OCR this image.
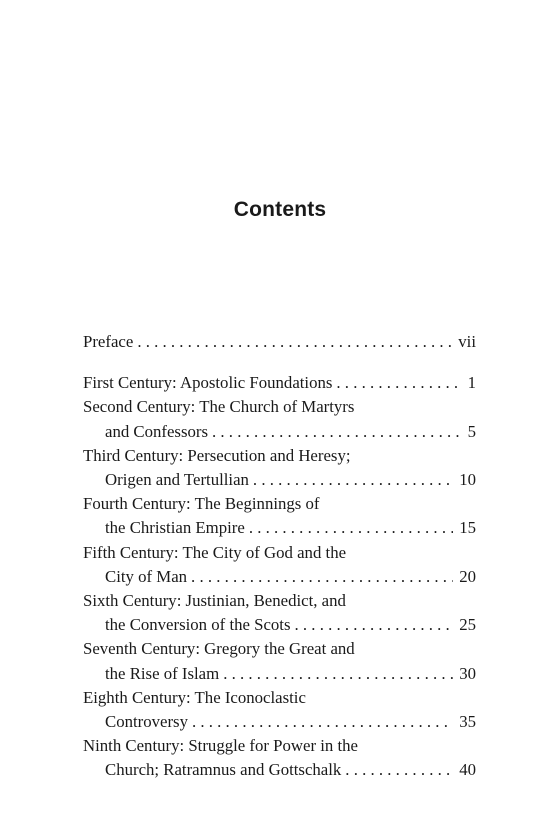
Contents
Preface . . .	vii
First Century: Apostolic Foundations . . .	1
Second Century: The Church of Martyrs
and Confessors . . .	5
Third Century: Persecution and Heresy;
Origen and Tertullian . . .	10
Fourth Century: The Beginnings of
the Christian Empire . . .	15
Fifth Century: The City of God and the
City of Man . . .	20
Sixth Century: Justinian, Benedict, and
the Conversion of the Scots . . .	25
Seventh Century: Gregory the Great and
the Rise of Islam . . .	30
Eighth Century: The Iconoclastic
Controversy . . .	35
Ninth Century: Struggle for Power in the
Church; Ratramnus and Gottschalk . . .	40
